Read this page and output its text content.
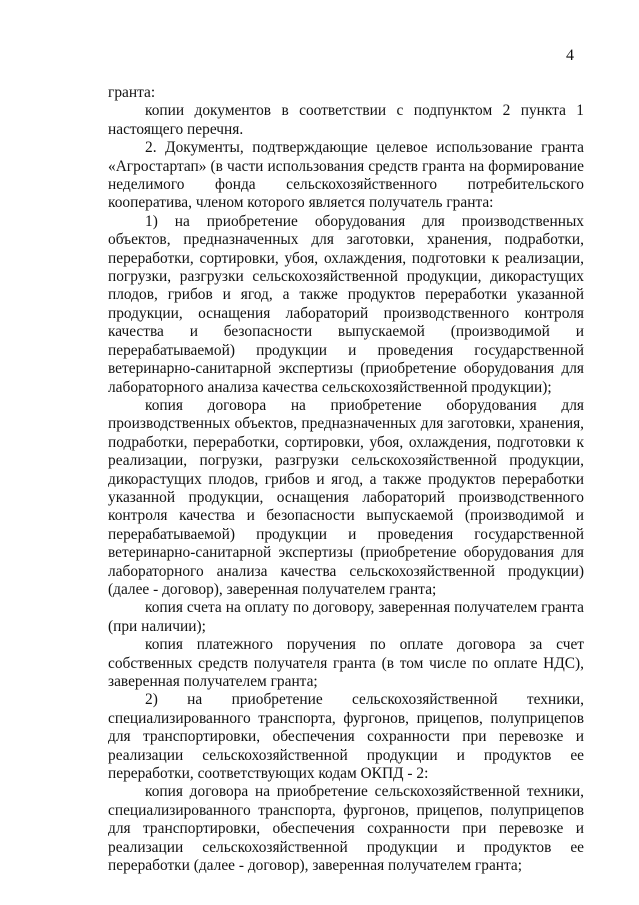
4

гранта:

копии документов в соответствии с подпунктом 2 пункта 1 настоящего перечня.

2. Документы, подтверждающие целевое использование гранта «Агростартап» (в части использования средств гранта на формирование неделимого фонда сельскохозяйственного потребительского кооператива, членом которого является получатель гранта:

1) на приобретение оборудования для производственных объектов, предназначенных для заготовки, хранения, подработки, переработки, сортировки, убоя, охлаждения, подготовки к реализации, погрузки, разгрузки сельскохозяйственной продукции, дикорастущих плодов, грибов и ягод, а также продуктов переработки указанной продукции, оснащения лабораторий производственного контроля качества и безопасности выпускаемой (производимой и перерабатываемой) продукции и проведения государственной ветеринарно-санитарной экспертизы (приобретение оборудования для лабораторного анализа качества сельскохозяйственной продукции);

копия договора на приобретение оборудования для производственных объектов, предназначенных для заготовки, хранения, подработки, переработки, сортировки, убоя, охлаждения, подготовки к реализации, погрузки, разгрузки сельскохозяйственной продукции, дикорастущих плодов, грибов и ягод, а также продуктов переработки указанной продукции, оснащения лабораторий производственного контроля качества и безопасности выпускаемой (производимой и перерабатываемой) продукции и проведения государственной ветеринарно-санитарной экспертизы (приобретение оборудования для лабораторного анализа качества сельскохозяйственной продукции) (далее - договор), заверенная получателем гранта;

копия счета на оплату по договору, заверенная получателем гранта (при наличии);

копия платежного поручения по оплате договора за счет собственных средств получателя гранта (в том числе по оплате НДС), заверенная получателем гранта;

2) на приобретение сельскохозяйственной техники, специализированного транспорта, фургонов, прицепов, полуприцепов для транспортировки, обеспечения сохранности при перевозке и реализации сельскохозяйственной продукции и продуктов ее переработки, соответствующих кодам ОКПД - 2:

копия договора на приобретение сельскохозяйственной техники, специализированного транспорта, фургонов, прицепов, полуприцепов для транспортировки, обеспечения сохранности при перевозке и реализации сельскохозяйственной продукции и продуктов ее переработки (далее - договор), заверенная получателем гранта;
